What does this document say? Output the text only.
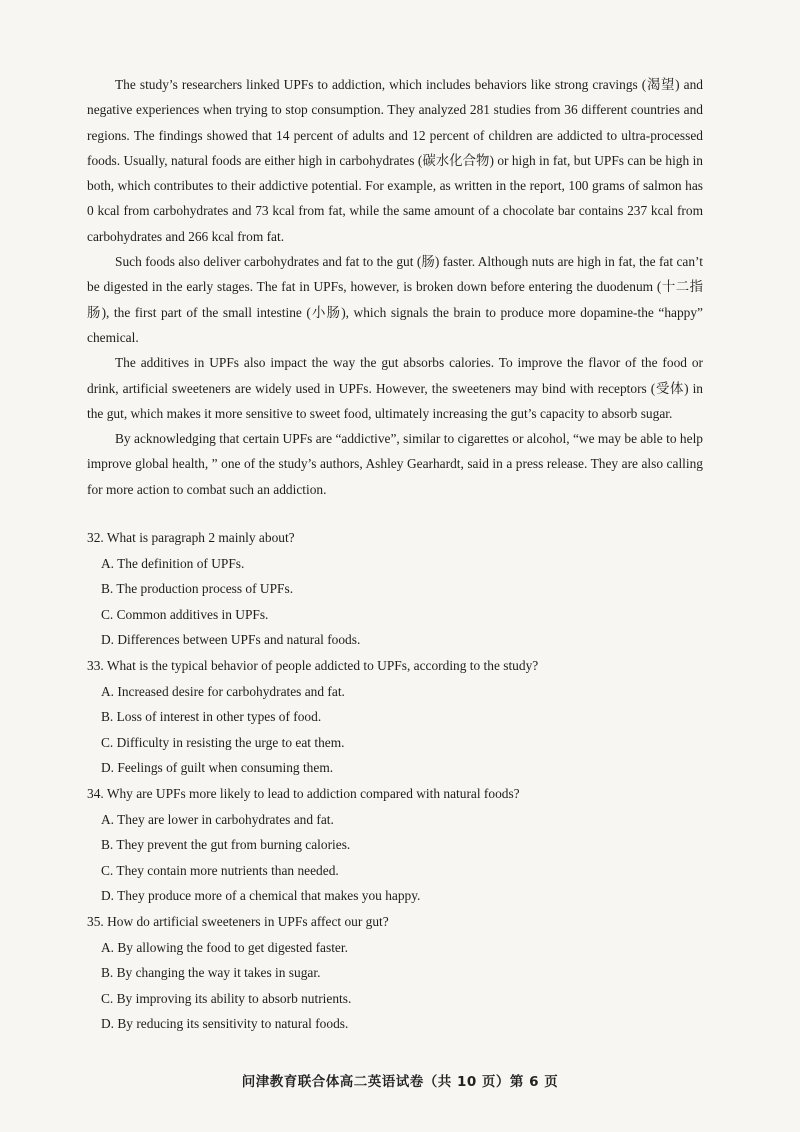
The study’s researchers linked UPFs to addiction, which includes behaviors like strong cravings (渴望) and negative experiences when trying to stop consumption. They analyzed 281 studies from 36 different countries and regions. The findings showed that 14 percent of adults and 12 percent of children are addicted to ultra-processed foods. Usually, natural foods are either high in carbohydrates (碳水化合物) or high in fat, but UPFs can be high in both, which contributes to their addictive potential. For example, as written in the report, 100 grams of salmon has 0 kcal from carbohydrates and 73 kcal from fat, while the same amount of a chocolate bar contains 237 kcal from carbohydrates and 266 kcal from fat.

Such foods also deliver carbohydrates and fat to the gut (肠) faster. Although nuts are high in fat, the fat can’t be digested in the early stages. The fat in UPFs, however, is broken down before entering the duodenum (十二指肠), the first part of the small intestine (小肠), which signals the brain to produce more dopamine-the “happy” chemical.

The additives in UPFs also impact the way the gut absorbs calories. To improve the flavor of the food or drink, artificial sweeteners are widely used in UPFs. However, the sweeteners may bind with receptors (受体) in the gut, which makes it more sensitive to sweet food, ultimately increasing the gut’s capacity to absorb sugar.

By acknowledging that certain UPFs are “addictive”, similar to cigarettes or alcohol, “we may be able to help improve global health, ” one of the study’s authors, Ashley Gearhardt, said in a press release. They are also calling for more action to combat such an addiction.

32. What is paragraph 2 mainly about?
A. The definition of UPFs.
B. The production process of UPFs.
C. Common additives in UPFs.
D. Differences between UPFs and natural foods.
33. What is the typical behavior of people addicted to UPFs, according to the study?
A. Increased desire for carbohydrates and fat.
B. Loss of interest in other types of food.
C. Difficulty in resisting the urge to eat them.
D. Feelings of guilt when consuming them.
34. Why are UPFs more likely to lead to addiction compared with natural foods?
A. They are lower in carbohydrates and fat.
B. They prevent the gut from burning calories.
C. They contain more nutrients than needed.
D. They produce more of a chemical that makes you happy.
35. How do artificial sweeteners in UPFs affect our gut?
A. By allowing the food to get digested faster.
B. By changing the way it takes in sugar.
C. By improving its ability to absorb nutrients.
D. By reducing its sensitivity to natural foods.
问津教育联合体高二英语试卷（共 10 页）第 6 页
